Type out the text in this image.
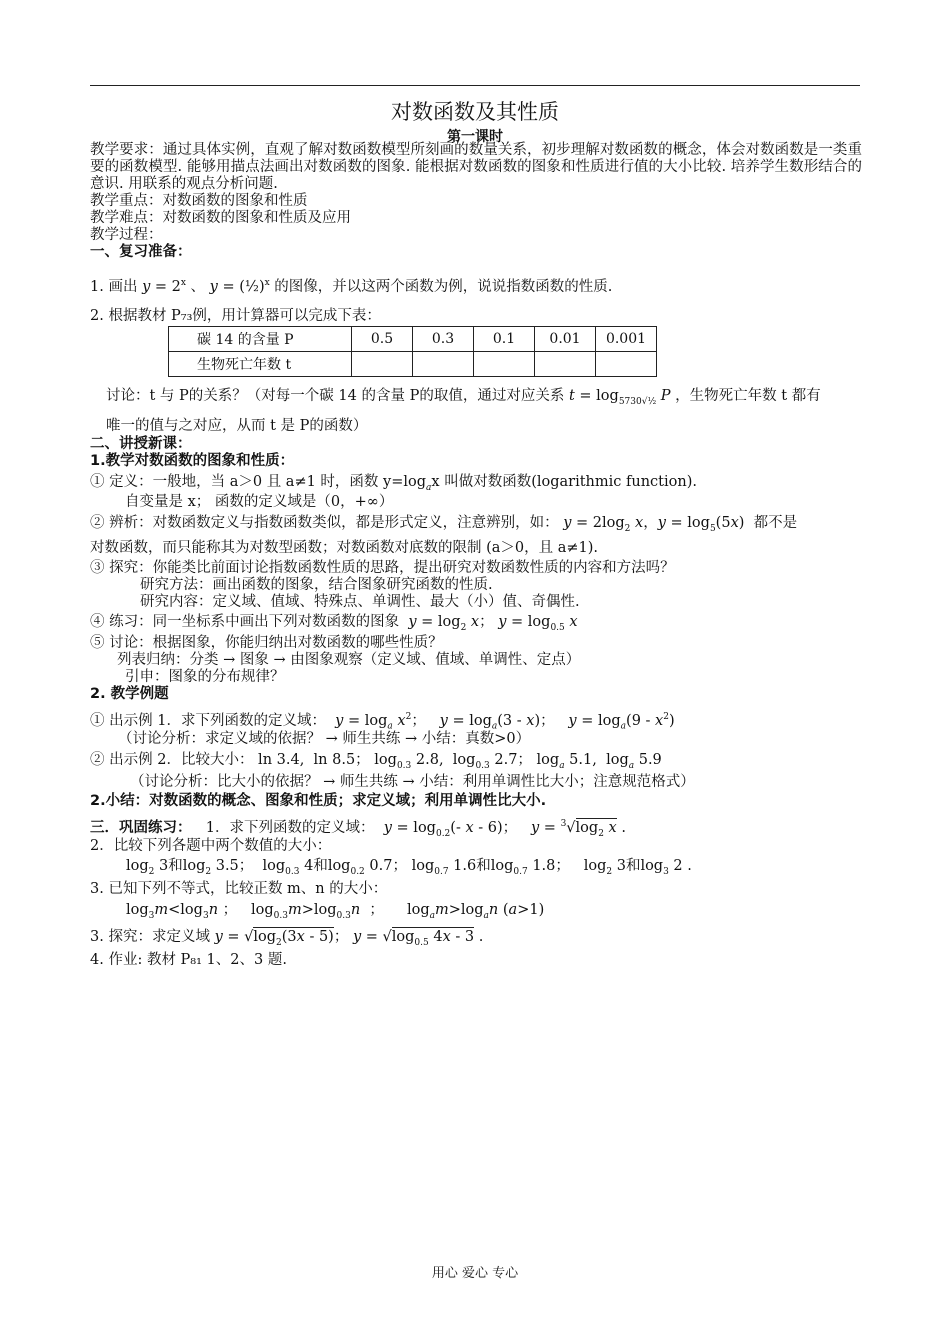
对数函数及其性质
第一课时
教学要求：通过具体实例，直观了解对数函数模型所刻画的数量关系，初步理解对数函数的概念，体会对数函数是一类重要的函数模型. 能够用描点法画出对数函数的图象. 能根据对数函数的图象和性质进行值的大小比较. 培养学生数形结合的意识. 用联系的观点分析问题.
教学重点：对数函数的图象和性质
教学难点：对数函数的图象和性质及应用
教学过程：
一、复习准备：
1. 画出 $y = 2^x$ 、 y = (½)$^x$ 的图像，并以这两个函数为例，说说指数函数的性质.
2. 根据教材 P₇₃例，用计算器可以完成下表：
碳 14 的含量 P	0.5	0.3	0.1	0.01	0.001
生物死亡年数 t					
讨论：t 与 P的关系？（对每一个碳 14 的含量 P的取值，通过对应关系 $t = \log_{5730√\frac{1}{2}} P$ ，生物死亡年数 t 都有
唯一的值与之对应，从而 t 是 P的函数）
二、讲授新课：
1.教学对数函数的图象和性质：
① 定义：一般地，当 a＞0 且 a≠1 时，函数 $y=\log_ax$ 叫做对数函数(logarithmic function).
自变量是 x； 函数的定义域是（0，+∞）
② 辨析：对数函数定义与指数函数类似，都是形式定义，注意辨别，如： $y = 2\log_2$ x，$y = \log_5(5x)$  都不是
对数函数，而只能称其为对数型函数；对数函数对底数的限制 (a＞0，且 a≠1).
③ 探究：你能类比前面讨论指数函数性质的思路，提出研究对数函数性质的内容和方法吗？
研究方法：画出函数的图象，结合图象研究函数的性质.
研究内容：定义域、值域、特殊点、单调性、最大（小）值、奇偶性.
④ 练习：同一坐标系中画出下列对数函数的图象 $y = \log_2 x$； $y = \log_{0.5} x$
⑤ 讨论：根据图象，你能归纳出对数函数的哪些性质？
列表归纳：分类 → 图象 → 由图象观察（定义域、值域、单调性、定点）
引申：图象的分布规律？
2. 教学例题
① 出示例 1．求下列函数的定义域： $y = \log_a x^2$；   $y = \log_a(3 - x)$；   $y = \log_a(9 - x^2)$
（讨论分析：求定义域的依据？ → 师生共练 → 小结：真数>0）
② 出示例 2．比较大小： ln 3.4,  ln 8.5； $\log_{0.3} 2.8$,  $\log_{0.3} 2.7$； $\log_a 5.1$,  $\log_a 5.9$
（讨论分析：比大小的依据？ → 师生共练 → 小结：利用单调性比大小；注意规范格式）
2.小结：对数函数的概念、图象和性质；求定义域；利用单调性比大小.
三．巩固练习： 1．求下列函数的定义域： $y = \log_{0.2}(-$ x - 6)；   $y = ^3√\log_2$ x .
2．比较下列各题中两个数值的大小：
$\log_2 3$和$\log_2 3.5$；  $\log_{0.3} 4$和$\log_{0.2} 0.7$； $\log_{0.7} 1.6$和$\log_{0.7} 1.8$；   $\log_2 3$和$\log_3 2$ .
3. 已知下列不等式，比较正数 m、n 的大小：
$\log_3m<\log_3n$ ；   $\log_{0.3}m>\log_{0.3}n$  ；     $\log_am>\log_an$ (a>1)
3. 探究：求定义域 $y = √\log_2(3x - 5)$； $y = √\log_{0.5}$ 4x - 3 .
4. 作业: 教材 P₈₁ 1、2、3 题.
用心 爱心 专心
